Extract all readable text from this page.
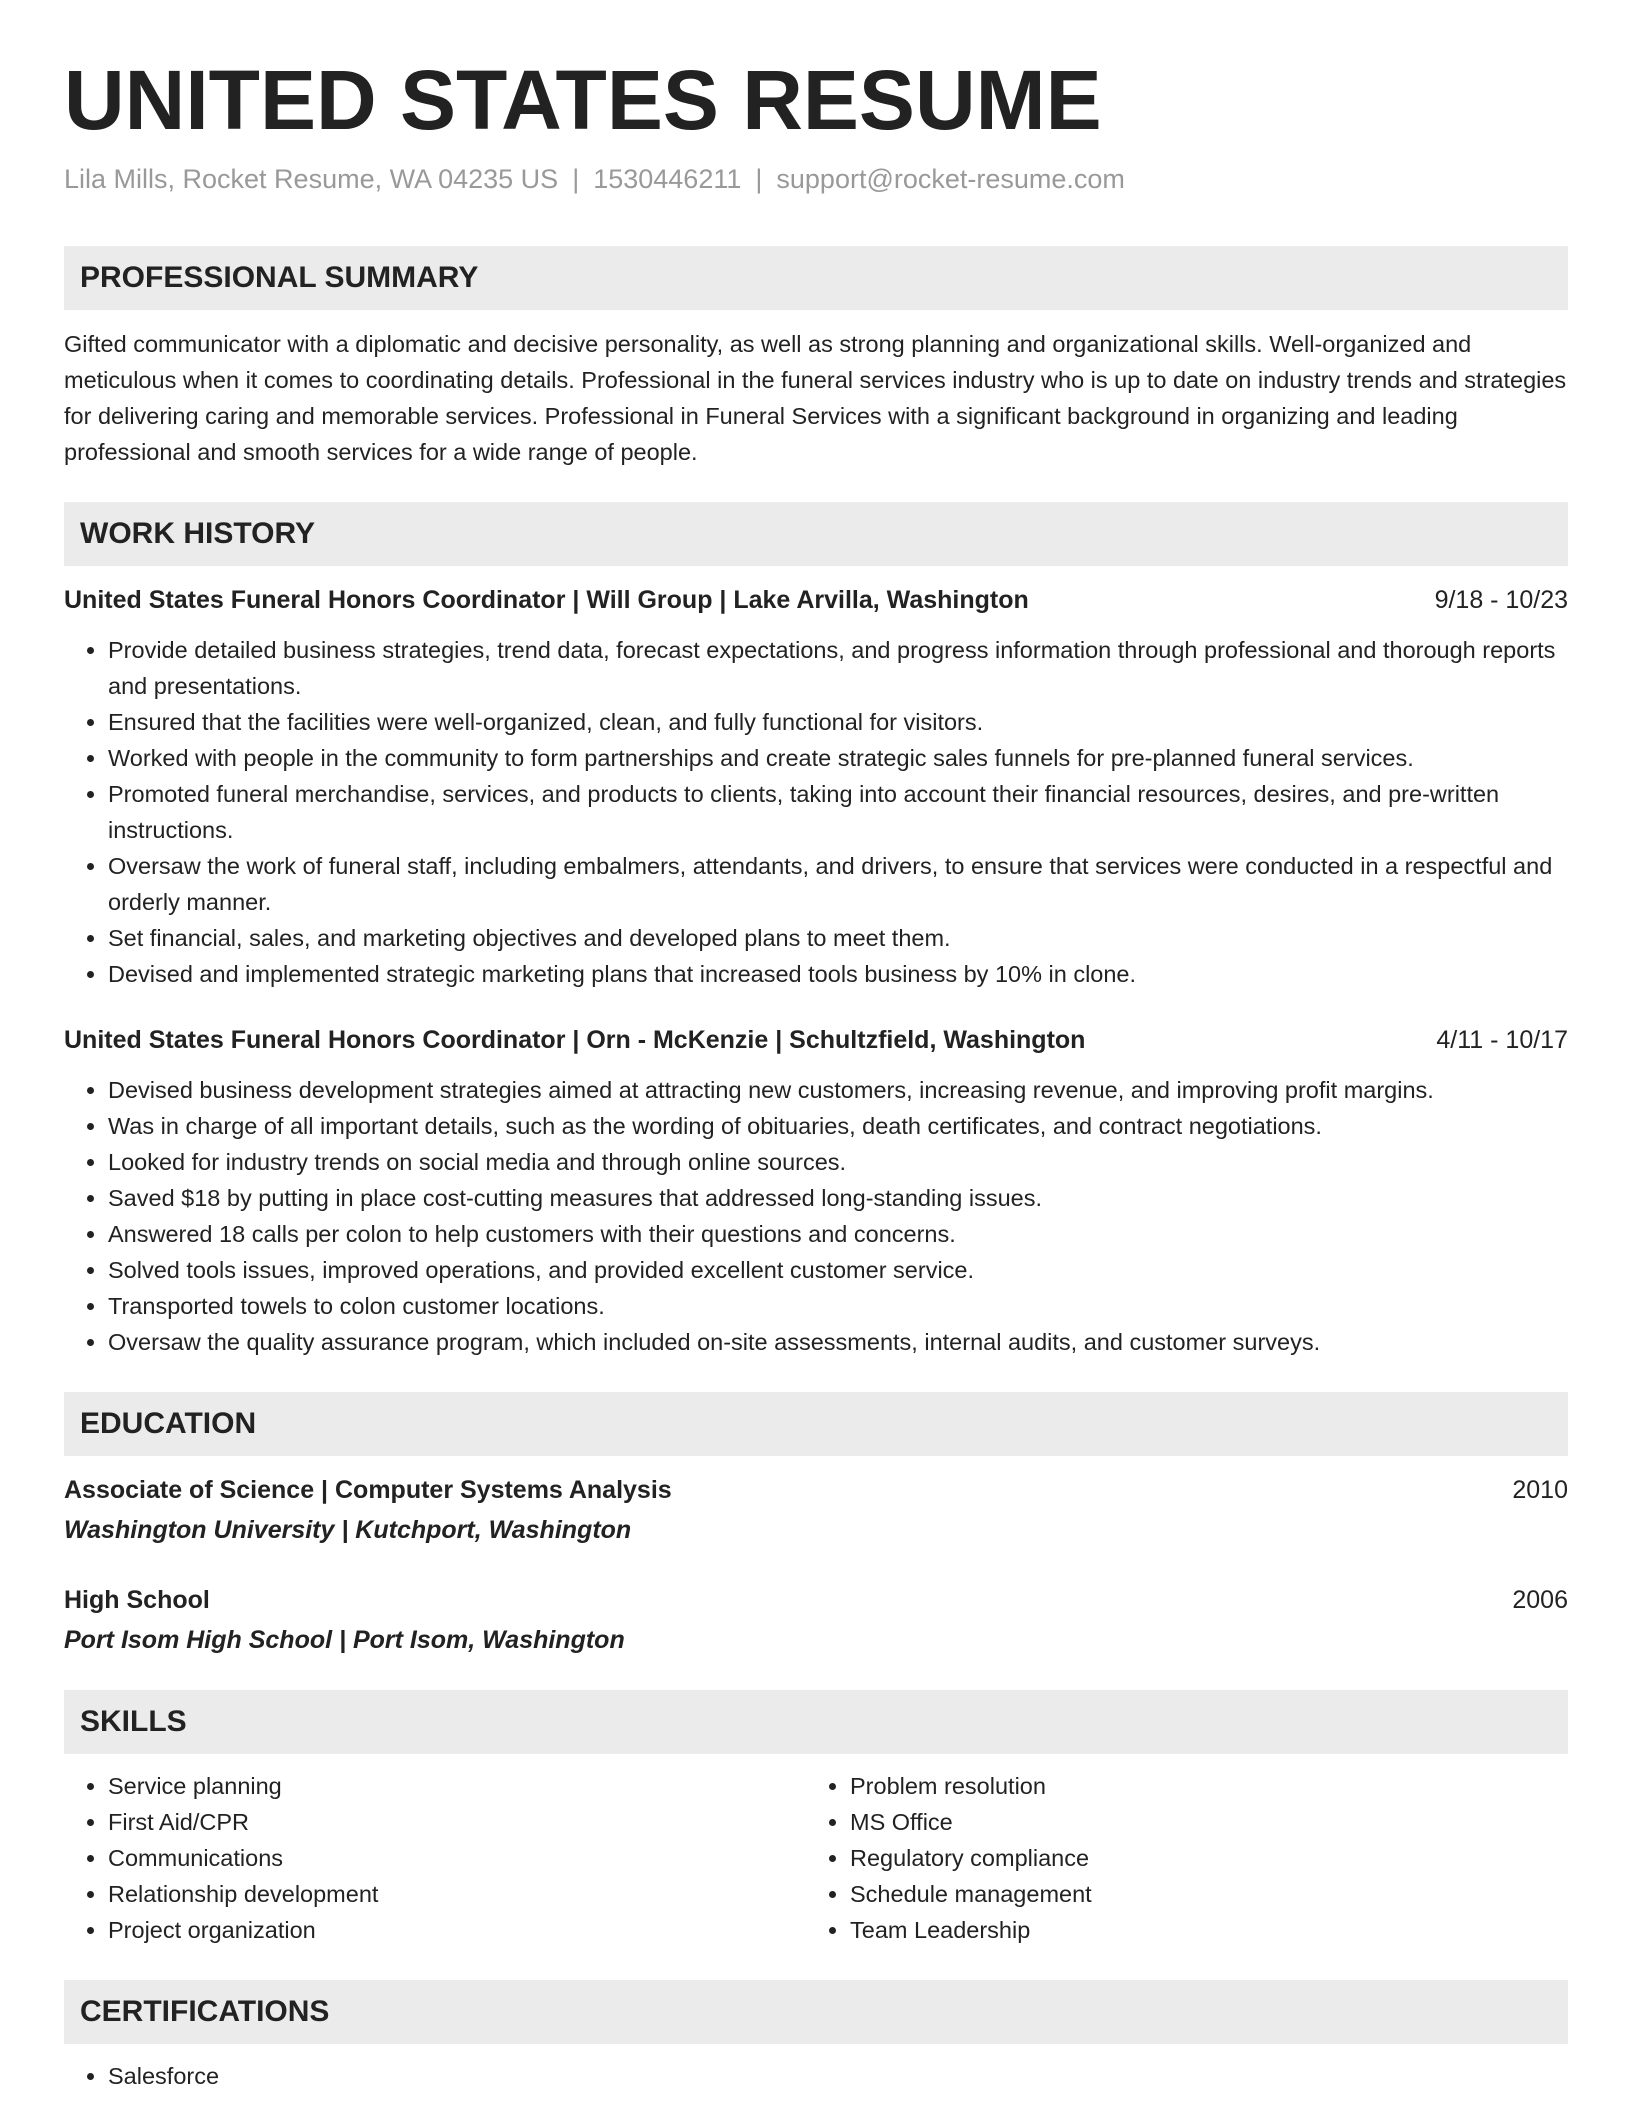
UNITED STATES RESUME
Lila Mills, Rocket Resume, WA 04235 US | 1530446211 | support@rocket-resume.com
PROFESSIONAL SUMMARY
Gifted communicator with a diplomatic and decisive personality, as well as strong planning and organizational skills. Well-organized and meticulous when it comes to coordinating details. Professional in the funeral services industry who is up to date on industry trends and strategies for delivering caring and memorable services. Professional in Funeral Services with a significant background in organizing and leading professional and smooth services for a wide range of people.
WORK HISTORY
United States Funeral Honors Coordinator | Will Group | Lake Arvilla, Washington	9/18 - 10/23
• Provide detailed business strategies, trend data, forecast expectations, and progress information through professional and thorough reports and presentations.
• Ensured that the facilities were well-organized, clean, and fully functional for visitors.
• Worked with people in the community to form partnerships and create strategic sales funnels for pre-planned funeral services.
• Promoted funeral merchandise, services, and products to clients, taking into account their financial resources, desires, and pre-written instructions.
• Oversaw the work of funeral staff, including embalmers, attendants, and drivers, to ensure that services were conducted in a respectful and orderly manner.
• Set financial, sales, and marketing objectives and developed plans to meet them.
• Devised and implemented strategic marketing plans that increased tools business by 10% in clone.
United States Funeral Honors Coordinator | Orn - McKenzie | Schultzfield, Washington	4/11 - 10/17
• Devised business development strategies aimed at attracting new customers, increasing revenue, and improving profit margins.
• Was in charge of all important details, such as the wording of obituaries, death certificates, and contract negotiations.
• Looked for industry trends on social media and through online sources.
• Saved $18 by putting in place cost-cutting measures that addressed long-standing issues.
• Answered 18 calls per colon to help customers with their questions and concerns.
• Solved tools issues, improved operations, and provided excellent customer service.
• Transported towels to colon customer locations.
• Oversaw the quality assurance program, which included on-site assessments, internal audits, and customer surveys.
EDUCATION
Associate of Science | Computer Systems Analysis	2010
Washington University | Kutchport, Washington
High School	2006
Port Isom High School | Port Isom, Washington
SKILLS
• Service planning
• First Aid/CPR
• Communications
• Relationship development
• Project organization
• Problem resolution
• MS Office
• Regulatory compliance
• Schedule management
• Team Leadership
CERTIFICATIONS
• Salesforce
